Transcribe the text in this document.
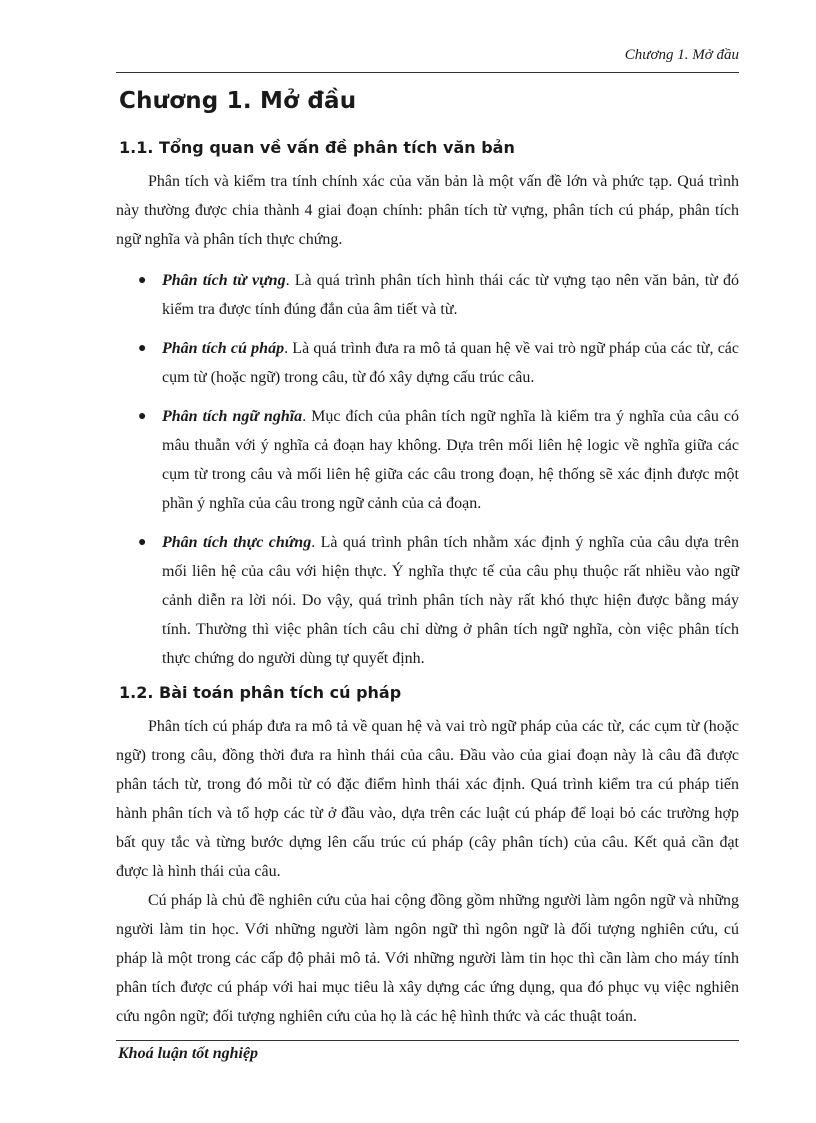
Chương 1. Mở đầu
Chương 1. Mở đầu
1.1. Tổng quan về vấn đề phân tích văn bản

Phân tích và kiểm tra tính chính xác của văn bản là một vấn đề lớn và phức tạp. Quá trình này thường được chia thành 4 giai đoạn chính: phân tích từ vựng, phân tích cú pháp, phân tích ngữ nghĩa và phân tích thực chứng.

● Phân tích từ vựng. Là quá trình phân tích hình thái các từ vựng tạo nên văn bản, từ đó kiểm tra được tính đúng đắn của âm tiết và từ.
● Phân tích cú pháp. Là quá trình đưa ra mô tả quan hệ về vai trò ngữ pháp của các từ, các cụm từ (hoặc ngữ) trong câu, từ đó xây dựng cấu trúc câu.
● Phân tích ngữ nghĩa. Mục đích của phân tích ngữ nghĩa là kiểm tra ý nghĩa của câu có mâu thuẫn với ý nghĩa cả đoạn hay không. Dựa trên mối liên hệ logic về nghĩa giữa các cụm từ trong câu và mối liên hệ giữa các câu trong đoạn, hệ thống sẽ xác định được một phần ý nghĩa của câu trong ngữ cảnh của cả đoạn.
● Phân tích thực chứng. Là quá trình phân tích nhằm xác định ý nghĩa của câu dựa trên mối liên hệ của câu với hiện thực. Ý nghĩa thực tế của câu phụ thuộc rất nhiều vào ngữ cảnh diễn ra lời nói. Do vậy, quá trình phân tích này rất khó thực hiện được bằng máy tính. Thường thì việc phân tích câu chỉ dừng ở phân tích ngữ nghĩa, còn việc phân tích thực chứng do người dùng tự quyết định.
1.2. Bài toán phân tích cú pháp

Phân tích cú pháp đưa ra mô tả về quan hệ và vai trò ngữ pháp của các từ, các cụm từ (hoặc ngữ) trong câu, đồng thời đưa ra hình thái của câu. Đầu vào của giai đoạn này là câu đã được phân tách từ, trong đó mỗi từ có đặc điểm hình thái xác định. Quá trình kiểm tra cú pháp tiến hành phân tích và tổ hợp các từ ở đầu vào, dựa trên các luật cú pháp để loại bỏ các trường hợp bất quy tắc và từng bước dựng lên cấu trúc cú pháp (cây phân tích) của câu. Kết quả cần đạt được là hình thái của câu.

Cú pháp là chủ đề nghiên cứu của hai cộng đồng gồm những người làm ngôn ngữ và những người làm tin học. Với những người làm ngôn ngữ thì ngôn ngữ là đối tượng nghiên cứu, cú pháp là một trong các cấp độ phải mô tả. Với những người làm tin học thì cần làm cho máy tính phân tích được cú pháp với hai mục tiêu là xây dựng các ứng dụng, qua đó phục vụ việc nghiên cứu ngôn ngữ; đối tượng nghiên cứu của họ là các hệ hình thức và các thuật toán.

Khoá luận tốt nghiệp
